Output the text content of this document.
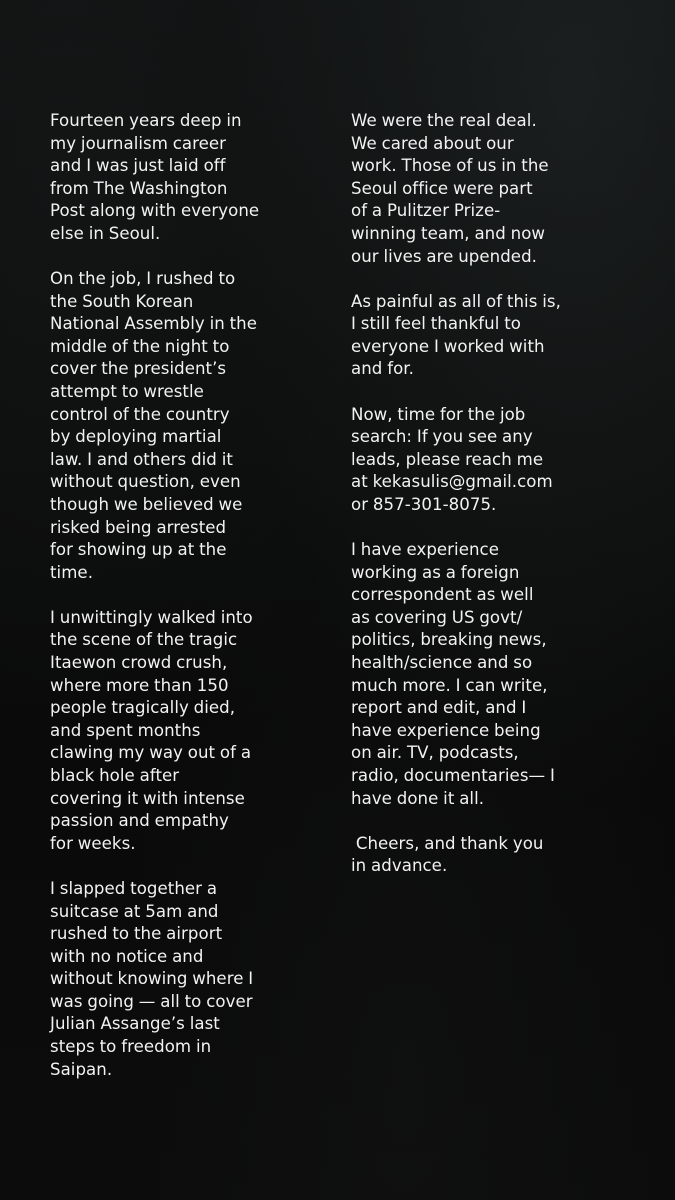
Fourteen years deep in
my journalism career
and I was just laid off
from The Washington
Post along with everyone
else in Seoul.

On the job, I rushed to
the South Korean
National Assembly in the
middle of the night to
cover the president’s
attempt to wrestle
control of the country
by deploying martial
law. I and others did it
without question, even
though we believed we
risked being arrested
for showing up at the
time.

I unwittingly walked into
the scene of the tragic
Itaewon crowd crush,
where more than 150
people tragically died,
and spent months
clawing my way out of a
black hole after
covering it with intense
passion and empathy
for weeks.

I slapped together a
suitcase at 5am and
rushed to the airport
with no notice and
without knowing where I
was going — all to cover
Julian Assange’s last
steps to freedom in
Saipan.

We were the real deal.
We cared about our
work. Those of us in the
Seoul office were part
of a Pulitzer Prize-
winning team, and now
our lives are upended.

As painful as all of this is,
I still feel thankful to
everyone I worked with
and for.

Now, time for the job
search: If you see any
leads, please reach me
at kekasulis@gmail.com
or 857-301-8075.

I have experience
working as a foreign
correspondent as well
as covering US govt/
politics, breaking news,
health/science and so
much more. I can write,
report and edit, and I
have experience being
on air. TV, podcasts,
radio, documentaries— I
have done it all.

Cheers, and thank you
in advance.
